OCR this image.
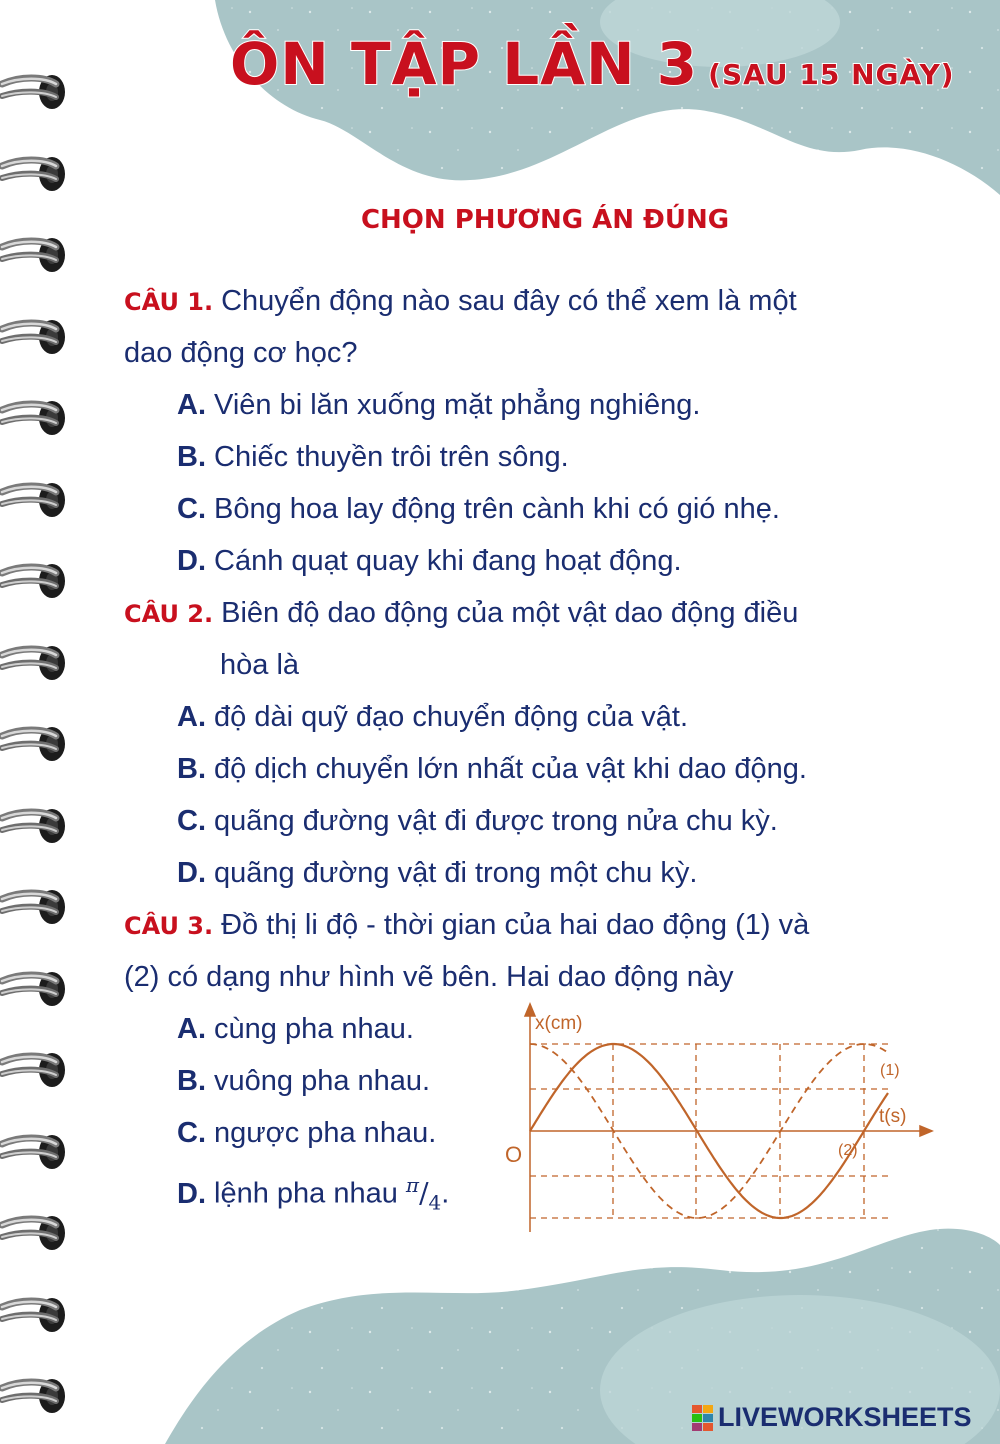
ÔN TẬP LẦN 3 (SAU 15 NGÀY)
CHỌN PHƯƠNG ÁN ĐÚNG
CÂU 1. Chuyển động nào sau đây có thể xem là một
dao động cơ học?
A. Viên bi lăn xuống mặt phẳng nghiêng.
B. Chiếc thuyền trôi trên sông.
C. Bông hoa lay động trên cành khi có gió nhẹ.
D. Cánh quạt quay khi đang hoạt động.
CÂU 2. Biên độ dao động của một vật dao động điều
hòa là
A. độ dài quỹ đạo chuyển động của vật.
B. độ dịch chuyển lớn nhất của vật khi dao động.
C. quãng đường vật đi được trong nửa chu kỳ.
D. quãng đường vật đi trong một chu kỳ.
CÂU 3. Đồ thị li độ - thời gian của hai dao động (1) và
(2) có dạng như hình vẽ bên. Hai dao động này
A. cùng pha nhau.
B. vuông pha nhau.
C. ngược pha nhau.
D. lệnh pha nhau $^\pi/_4$.
x(cm)
t(s)
O
(1)
(2)
LIVEWORKSHEETS
